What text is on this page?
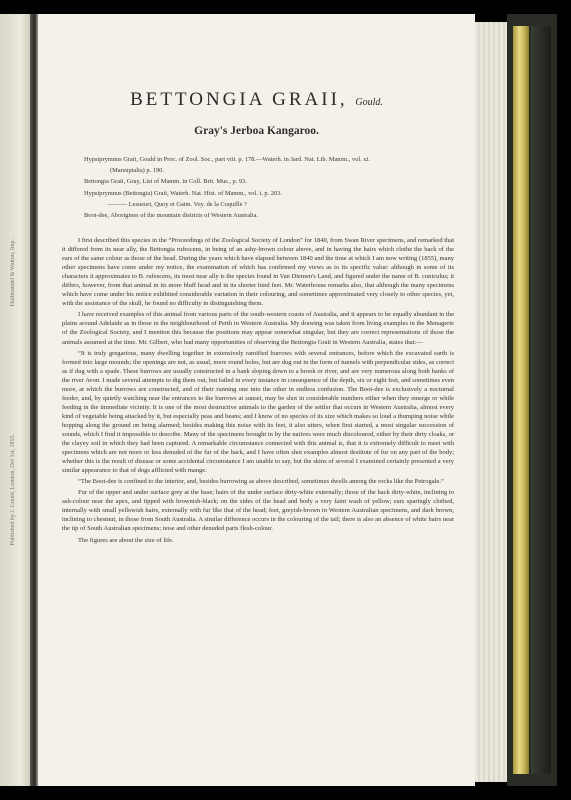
Published by J. Gould, London, Oct 1st, 1855.
Hullmandel & Walton, Imp.
BETTONGIA GRAII, Gould.
Gray's Jerboa Kangaroo.
Hypsiprymnus Graii, Gould in Proc. of Zool. Soc., part viii. p. 178.—Waterh. in Jard. Nat. Lib. Mamm., vol. xi.
(Marsupialia) p. 190.
Bettongia Graii, Gray, List of Mamm. in Coll. Brit. Mus., p. 93.
Hypsiprymnus (Bettongia) Graii, Waterh. Nat. Hist. of Mamm., vol. i. p. 203.
——— Lesueuri, Quoy et Gaim. Voy. de la Coquille ?
Boot-dee, Aborigines of the mountain districts of Western Australia.

I first described this species in the “Proceedings of the Zoological Society of London” for 1840, from Swan River specimens, and remarked that it differed from its near ally, the Bettongia rufescens, in being of an ashy-brown colour above, and in having the hairs which clothe the back of the ears of the same colour as those of the head. During the years which have elapsed between 1840 and the time at which I am now writing (1855), many other specimens have come under my notice, the examination of which has confirmed my views as to its specific value: although in some of its characters it approximates to B. rufescens, its most near ally is the species found in Van Diemen's Land, and figured under the name of B. cuniculus; it differs, however, from that animal in its more bluff head and in its shorter hind feet. Mr. Waterhouse remarks also, that although the many specimens which have come under his notice exhibited considerable variation in their colouring, and sometimes approximated very closely to other species, yet, with the assistance of the skull, he found no difficulty in distinguishing them.

I have received examples of this animal from various parts of the south-western coasts of Australia, and it appears to be equally abundant in the plains around Adelaide as in those in the neighbourhood of Perth in Western Australia. My drawing was taken from living examples in the Menagerie of the Zoological Society, and I mention this because the positions may appear somewhat singular, but they are correct representations of those the animals assumed at the time. Mr. Gilbert, who had many opportunities of observing the Bettongia Graii in Western Australia, states that:—

“It is truly gregarious, many dwelling together in extensively ramified burrows with several entrances, before which the excavated earth is formed into large mounds; the openings are not, as usual, mere round holes, but are dug out in the form of tunnels with perpendicular sides, as correct as if dug with a spade. These burrows are usually constructed in a bank sloping down to a brook or river, and are very numerous along both banks of the river Avon. I made several attempts to dig them out, but failed in every instance in consequence of the depth, six or eight feet, and sometimes even more, at which the burrows are constructed, and of their running one into the other in endless confusion. The Boot-dee is exclusively a nocturnal feeder, and, by quietly watching near the entrances to the burrows at sunset, may be shot in considerable numbers either when they emerge or while feeding in the immediate vicinity. It is one of the most destructive animals to the garden of the settler that occurs in Western Australia, almost every kind of vegetable being attacked by it, but especially peas and beans; and I know of no species of its size which makes so loud a thumping noise while hopping along the ground on being alarmed; besides making this noise with its feet, it also utters, when first started, a most singular succession of sounds, which I find it impossible to describe. Many of the specimens brought in by the natives were much discoloured, either by their dirty cloaks, or the clayey soil in which they had been captured. A remarkable circumstance connected with this animal is, that it is extremely difficult to meet with specimens which are not more or less denuded of the fur of the back, and I have often shot examples almost destitute of fur on any part of the body; whether this is the result of disease or some accidental circumstance I am unable to say, but the skins of several I examined certainly presented a very similar appearance to that of dogs afflicted with mange.

“The Boot-dee is confined to the interior, and, besides burrowing as above described, sometimes dwells among the rocks like the Petrogale.”

Fur of the upper and under surface grey at the base; hairs of the under surface dirty-white externally; those of the back dirty-white, inclining to ash-colour near the apex, and tipped with brownish-black; on the sides of the head and body a very faint wash of yellow; ears sparingly clothed, internally with small yellowish hairs, externally with fur like that of the head; feet, greyish-brown in Western Australian specimens, and dark brown, inclining to chestnut, in those from South Australia. A similar difference occurs in the colouring of the tail; there is also an absence of white hairs near the tip of South Australian specimens; nose and other denuded parts flesh-colour.

The figures are about the size of life.
